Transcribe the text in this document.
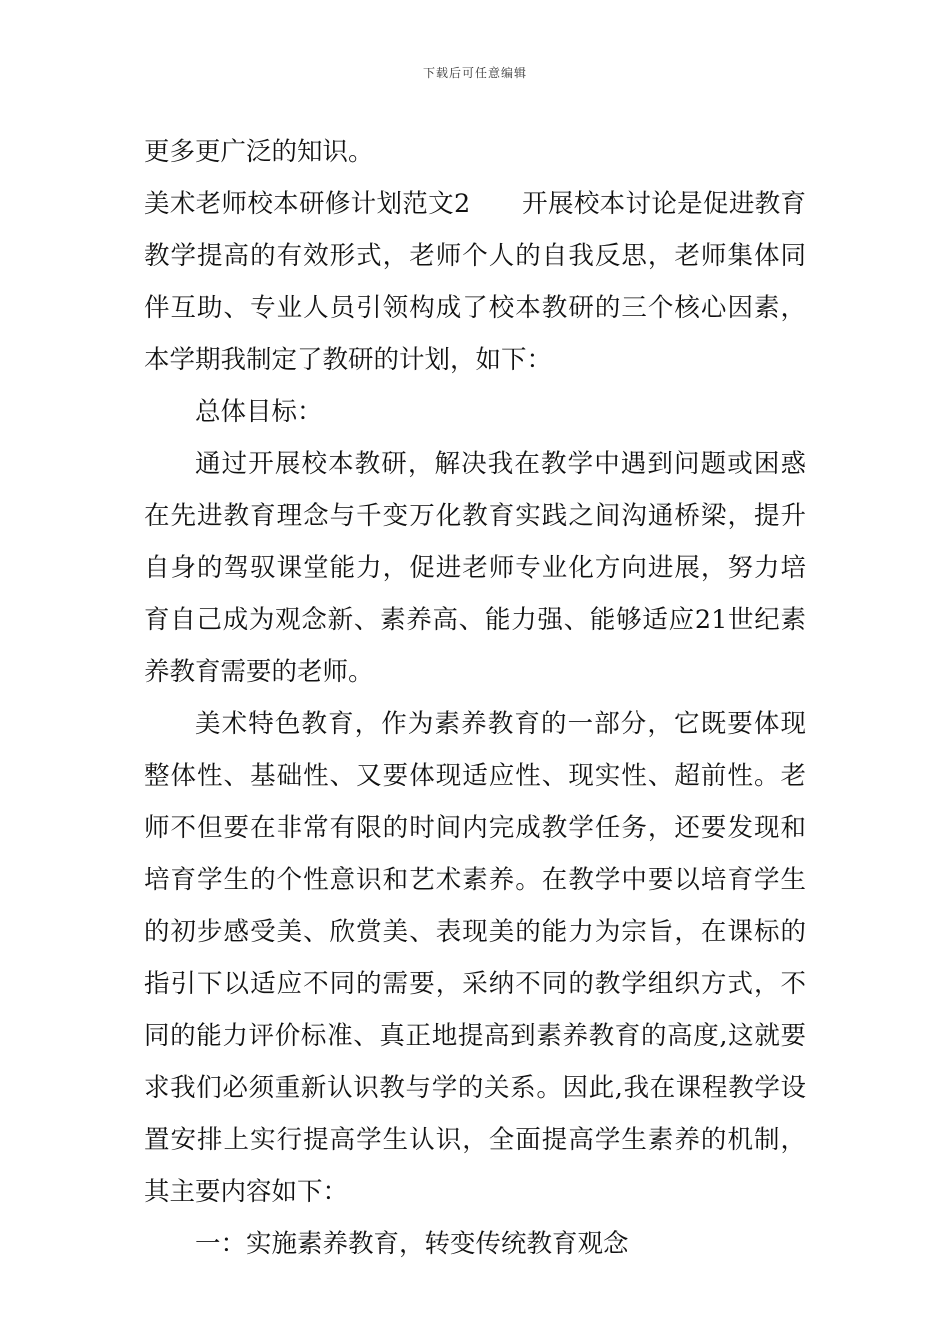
下载后可任意编辑

更多更广泛的知识。

美术老师校本研修计划范文2　　开展校本讨论是促进教育教学提高的有效形式，老师个人的自我反思，老师集体同伴互助、专业人员引领构成了校本教研的三个核心因素，本学期我制定了教研的计划，如下：

总体目标：

通过开展校本教研，解决我在教学中遇到问题或困惑在先进教育理念与千变万化教育实践之间沟通桥梁，提升自身的驾驭课堂能力，促进老师专业化方向进展，努力培育自己成为观念新、素养高、能力强、能够适应21世纪素养教育需要的老师。

美术特色教育，作为素养教育的一部分，它既要体现整体性、基础性、又要体现适应性、现实性、超前性。老师不但要在非常有限的时间内完成教学任务，还要发现和培育学生的个性意识和艺术素养。在教学中要以培育学生的初步感受美、欣赏美、表现美的能力为宗旨，在课标的指引下以适应不同的需要，采纳不同的教学组织方式，不同的能力评价标准、真正地提高到素养教育的高度,这就要求我们必须重新认识教与学的关系。因此,我在课程教学设置安排上实行提高学生认识，全面提高学生素养的机制，其主要内容如下：

一：实施素养教育，转变传统教育观念
